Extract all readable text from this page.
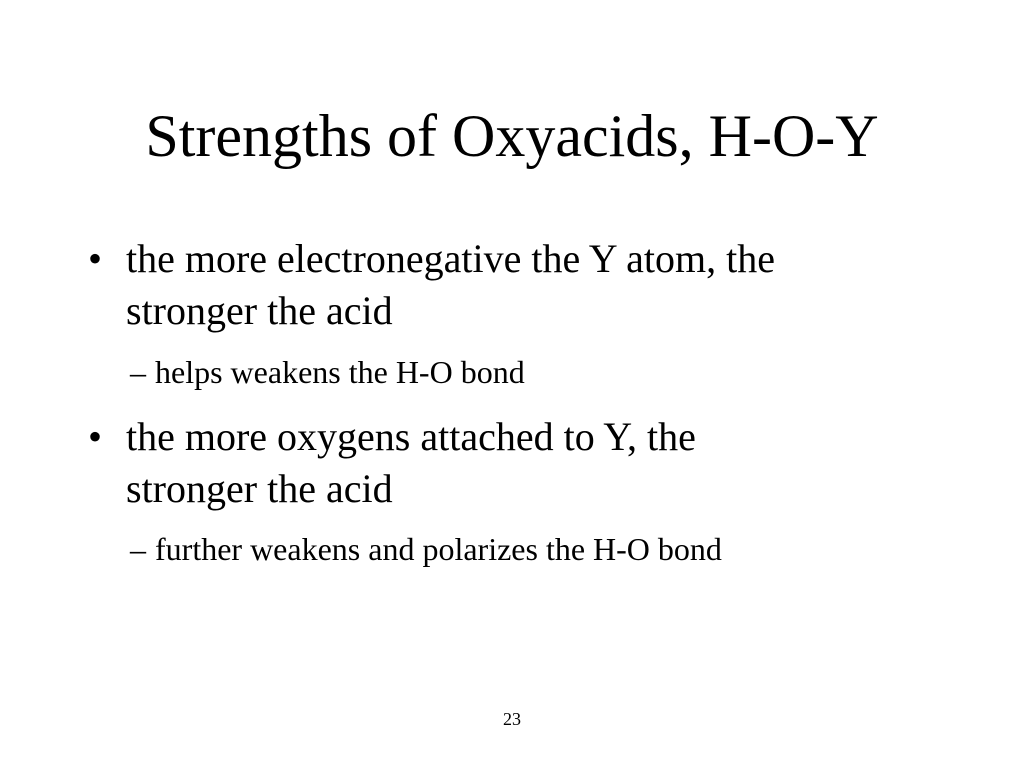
Strengths of Oxyacids, H-O-Y
• the more electronegative the Y atom, the
stronger the acid
– helps weakens the H-O bond
• the more oxygens attached to Y, the
stronger the acid
– further weakens and polarizes the H-O bond
23
